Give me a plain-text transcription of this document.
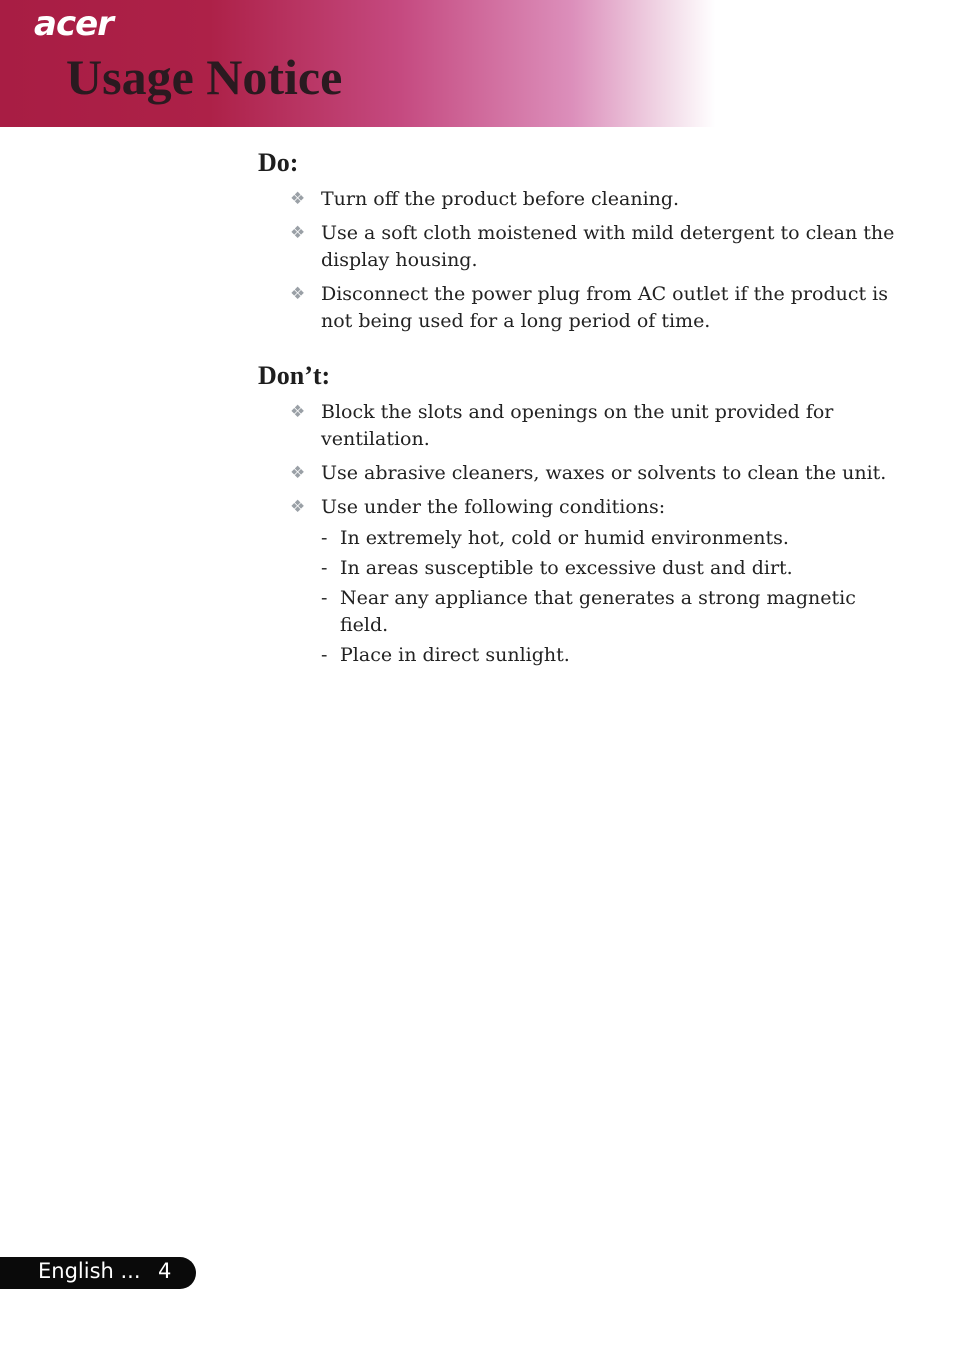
acer
Usage Notice
Do:
❖ Turn off the product before cleaning.
❖ Use a soft cloth moistened with mild detergent to clean the display housing.
❖ Disconnect the power plug from AC outlet if the product is not being used for a long period of time.
Don’t:
❖ Block the slots and openings on the unit provided for ventilation.
❖ Use abrasive cleaners, waxes or solvents to clean the unit.
❖ Use under the following conditions:
- In extremely hot, cold or humid environments.
- In areas susceptible to excessive dust and dirt.
- Near any appliance that generates a strong magnetic field.
- Place in direct sunlight.
English ... 4
